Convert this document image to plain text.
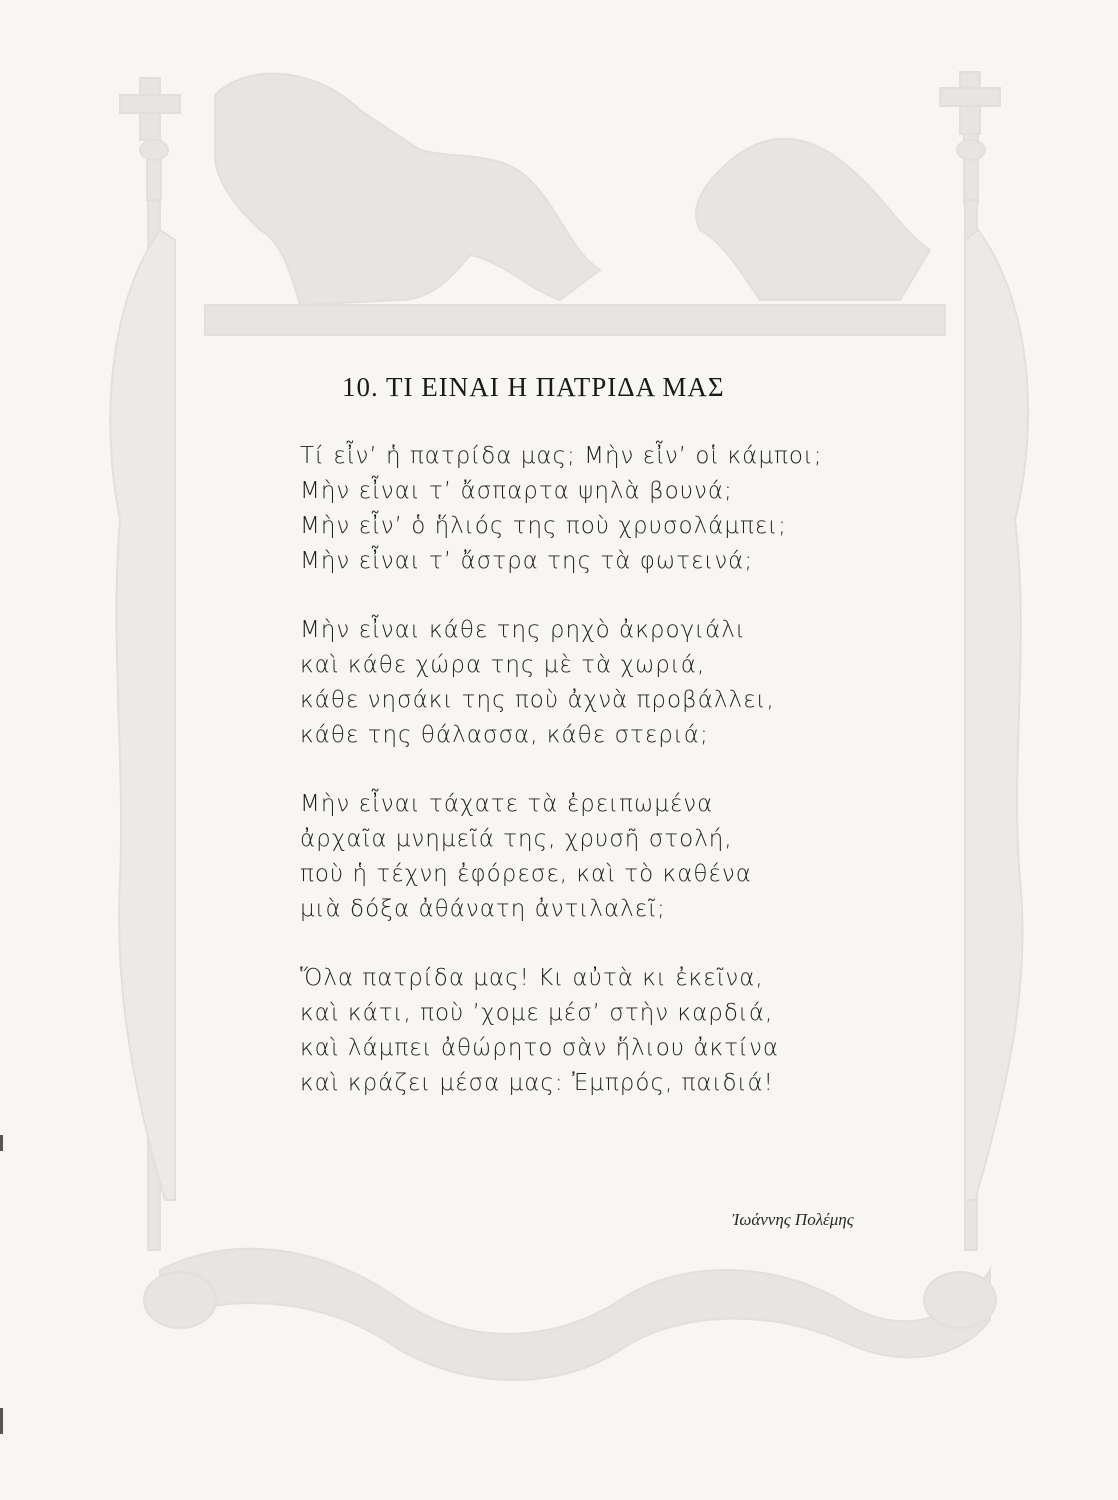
10. ΤΙ ΕΙΝΑΙ Η ΠΑΤΡΙΔΑ ΜΑΣ
Τί εἶν’ ἡ πατρίδα μας; Μὴν εἶν’ οἱ κάμποι;
Μὴν εἶναι τ’ ἄσπαρτα ψηλὰ βουνά;
Μὴν εἶν’ ὁ ἥλιός της ποὺ χρυσολάμπει;
Μὴν εἶναι τ’ ἄστρα της τὰ φωτεινά;
Μὴν εἶναι κάθε της ρηχὸ ἀκρογιάλι
καὶ κάθε χώρα της μὲ τὰ χωριά,
κάθε νησάκι της ποὺ ἀχνὰ προβάλλει,
κάθε της θάλασσα, κάθε στεριά;
Μὴν εἶναι τάχατε τὰ ἐρειπωμένα
ἀρχαῖα μνημεῖά της, χρυσῆ στολή,
ποὺ ἡ τέχνη ἐφόρεσε, καὶ τὸ καθένα
μιὰ δόξα ἀθάνατη ἀντιλαλεῖ;
Ὅλα πατρίδα μας! Κι αὐτὰ κι ἐκεῖνα,
καὶ κάτι, ποὺ ’χομε μέσ’ στὴν καρδιά,
καὶ λάμπει ἀθώρητο σὰν ἥλιου ἀκτίνα
καὶ κράζει μέσα μας: Ἐμπρός, παιδιά!
Ἰωάννης Πολέμης
